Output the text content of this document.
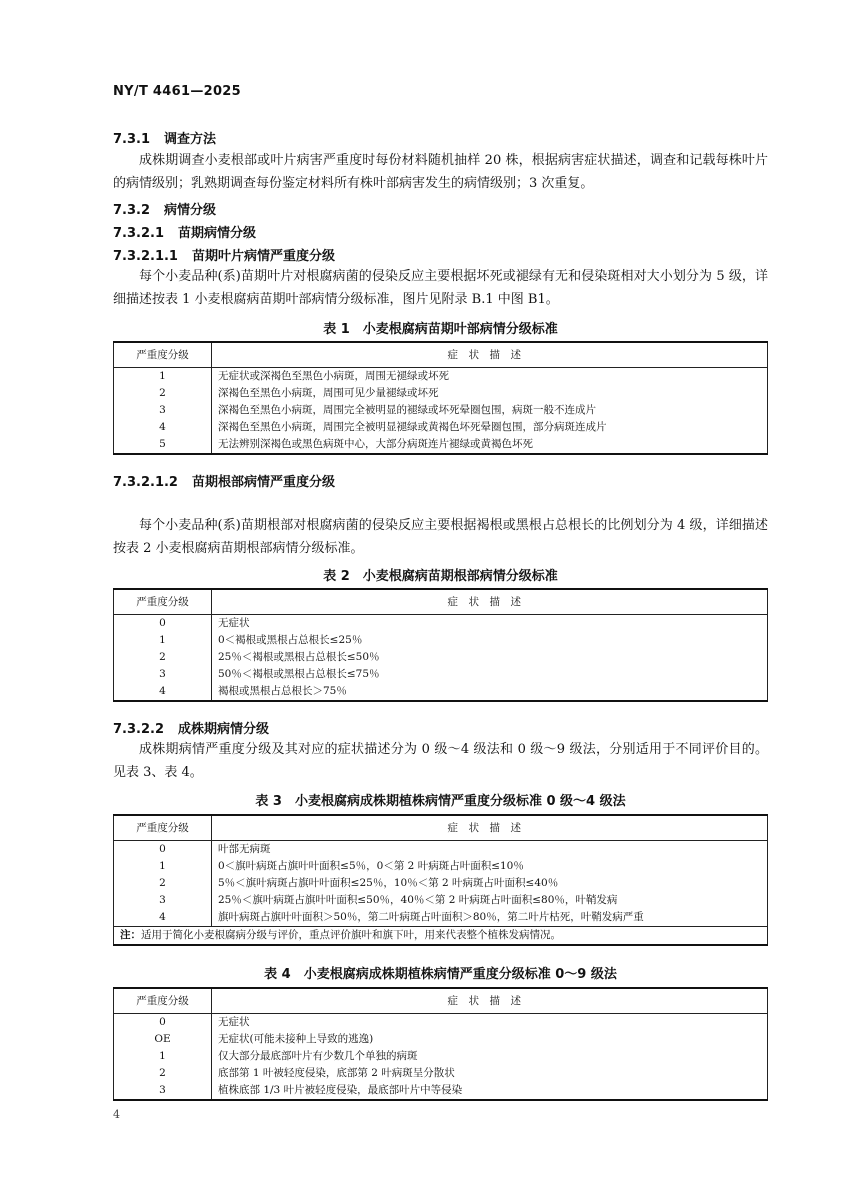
NY/T 4461—2025
7.3.1 调查方法
成株期调查小麦根部或叶片病害严重度时每份材料随机抽样 20 株，根据病害症状描述，调查和记载每株叶片的病情级别；乳熟期调查每份鉴定材料所有株叶部病害发生的病情级别；3 次重复。
7.3.2 病情分级
7.3.2.1 苗期病情分级
7.3.2.1.1 苗期叶片病情严重度分级
每个小麦品种(系)苗期叶片对根腐病菌的侵染反应主要根据坏死或褪绿有无和侵染斑相对大小划分为 5 级，详细描述按表 1 小麦根腐病苗期叶部病情分级标准，图片见附录 B.1 中图 B1。
表 1　小麦根腐病苗期叶部病情分级标准
严重度分级	症状描述
1	无症状或深褐色至黑色小病斑，周围无褪绿或坏死
2	深褐色至黑色小病斑，周围可见少量褪绿或坏死
3	深褐色至黑色小病斑，周围完全被明显的褪绿或坏死晕圈包围，病斑一般不连成片
4	深褐色至黑色小病斑，周围完全被明显褪绿或黄褐色坏死晕圈包围，部分病斑连成片
5	无法辨别深褐色或黑色病斑中心，大部分病斑连片褪绿或黄褐色坏死
7.3.2.1.2 苗期根部病情严重度分级
每个小麦品种(系)苗期根部对根腐病菌的侵染反应主要根据褐根或黑根占总根长的比例划分为 4 级，详细描述按表 2 小麦根腐病苗期根部病情分级标准。
表 2　小麦根腐病苗期根部病情分级标准
严重度分级	症状描述
0	无症状
1	0＜褐根或黑根占总根长≤25％
2	25％＜褐根或黑根占总根长≤50％
3	50％＜褐根或黑根占总根长≤75％
4	褐根或黑根占总根长＞75％
7.3.2.2 成株期病情分级
成株期病情严重度分级及其对应的症状描述分为 0 级～4 级法和 0 级～9 级法，分别适用于不同评价目的。见表 3、表 4。
表 3　小麦根腐病成株期植株病情严重度分级标准 0 级～4 级法
严重度分级	症状描述
0	叶部无病斑
1	0＜旗叶病斑占旗叶叶面积≤5％，0＜第 2 叶病斑占叶面积≤10％
2	5％＜旗叶病斑占旗叶叶面积≤25％，10％＜第 2 叶病斑占叶面积≤40％
3	25％＜旗叶病斑占旗叶叶面积≤50％，40％＜第 2 叶病斑占叶面积≤80％，叶鞘发病
4	旗叶病斑占旗叶叶面积＞50％，第二叶病斑占叶面积＞80％，第二叶片枯死，叶鞘发病严重
注：适用于简化小麦根腐病分级与评价，重点评价旗叶和旗下叶，用来代表整个植株发病情况。	
表 4　小麦根腐病成株期植株病情严重度分级标准 0～9 级法
严重度分级	症状描述
0	无症状
OE	无症状(可能未接种上导致的逃逸)
1	仅大部分最底部叶片有少数几个单独的病斑
2	底部第 1 叶被轻度侵染，底部第 2 叶病斑呈分散状
3	植株底部 1/3 叶片被轻度侵染，最底部叶片中等侵染
4
